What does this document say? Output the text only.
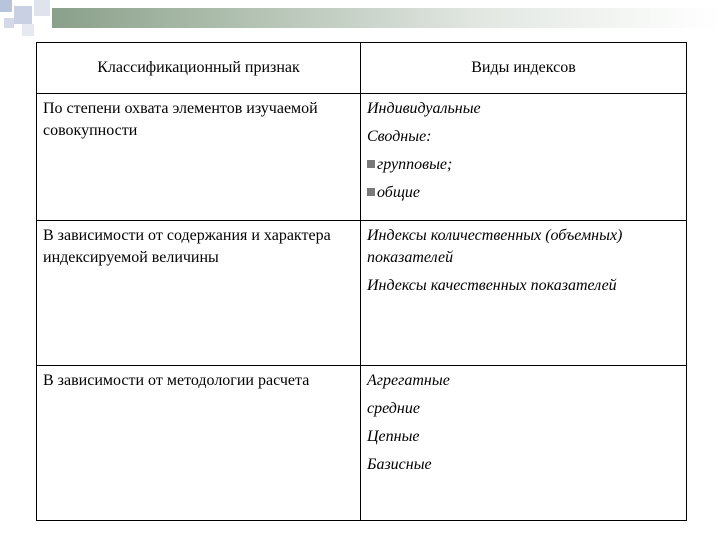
Классификационный признак	Виды индексов
По степени охвата элементов изучаемой совокупности	Индивидуальные
Сводные:
групповые;
общие

В зависимости от содержания и характера индексируемой величины	Индексы количественных (объемных) показателей
Индексы качественных показателей

В зависимости от методологии расчета	Агрегатные
средние
Цепные
Базисные
